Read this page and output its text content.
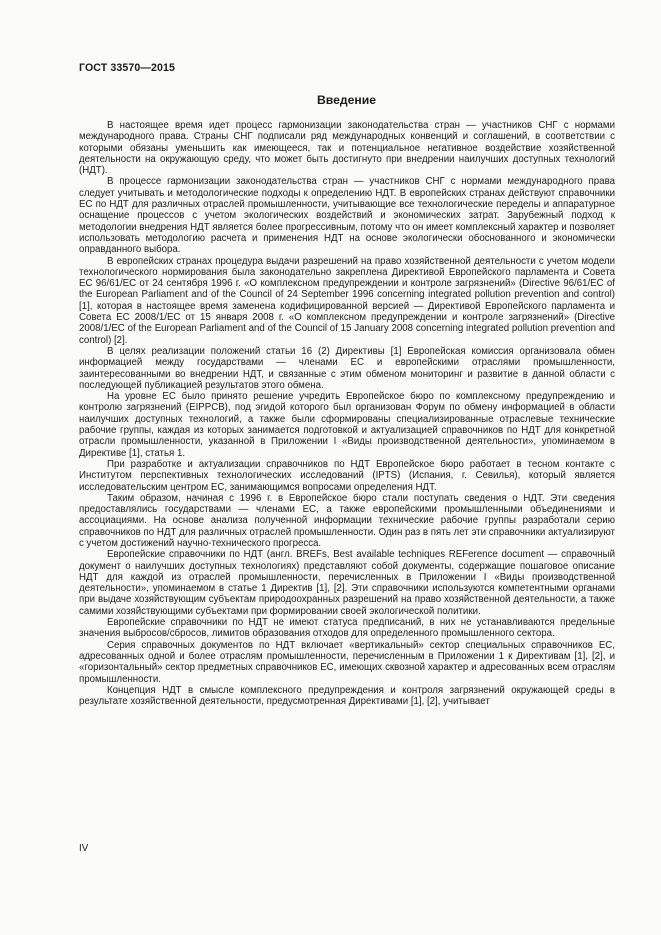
ГОСТ 33570—2015
Введение

В настоящее время идет процесс гармонизации законодательства стран — участников СНГ с нормами международного права. Страны СНГ подписали ряд международных конвенций и соглашений, в соответствии с которыми обязаны уменьшить как имеющееся, так и потенциальное негативное воздействие хозяйственной деятельности на окружающую среду, что может быть достигнуто при внедрении наилучших доступных технологий (НДТ).

В процессе гармонизации законодательства стран — участников СНГ с нормами международного права следует учитывать и методологические подходы к определению НДТ. В европейских странах действуют справочники ЕС по НДТ для различных отраслей промышленности, учитывающие все технологические переделы и аппаратурное оснащение процессов с учетом экологических воздействий и экономических затрат. Зарубежный подход к методологии внедрения НДТ является более прогрессивным, потому что он имеет комплексный характер и позволяет использовать методологию расчета и применения НДТ на основе экологически обоснованного и экономически оправданного выбора.

В европейских странах процедура выдачи разрешений на право хозяйственной деятельности с учетом модели технологического нормирования была законодательно закреплена Директивой Европейского парламента и Совета ЕС 96/61/ЕС от 24 сентября 1996 г. «О комплексном предупреждении и контроле загрязнений» (Directive 96/61/EC of the European Parliament and of the Council of 24 September 1996 concerning integrated pollution prevention and control) [1], которая в настоящее время заменена кодифицированной версией — Директивой Европейского парламента и Совета ЕС 2008/1/ЕС от 15 января 2008 г. «О комплексном предупреждении и контроле загрязнений» (Directive 2008/1/EC of the European Parliament and of the Council of 15 January 2008 concerning integrated pollution prevention and control) [2].

В целях реализации положений статьи 16 (2) Директивы [1] Европейская комиссия организовала обмен информацией между государствами — членами ЕС и европейскими отраслями промышленности, заинтересованными во внедрении НДТ, и связанные с этим обменом мониторинг и развитие в данной области с последующей публикацией результатов этого обмена.

На уровне ЕС было принято решение учредить Европейское бюро по комплексному предупреждению и контролю загрязнений (EIPPCB), под эгидой которого был организован Форум по обмену информацией в области наилучших доступных технологий, а также были сформированы специализированные отраслевые технические рабочие группы, каждая из которых занимается подготовкой и актуализацией справочников по НДТ для конкретной отрасли промышленности, указанной в Приложении I «Виды производственной деятельности», упоминаемом в Директиве [1], статья 1.

При разработке и актуализации справочников по НДТ Европейское бюро работает в тесном контакте с Институтом перспективных технологических исследований (IPTS) (Испания, г. Севилья), который является исследовательским центром ЕС, занимающимся вопросами определения НДТ.

Таким образом, начиная с 1996 г. в Европейское бюро стали поступать сведения о НДТ. Эти сведения предоставлялись государствами — членами ЕС, а также европейскими промышленными объединениями и ассоциациями. На основе анализа полученной информации технические рабочие группы разработали серию справочников по НДТ для различных отраслей промышленности. Один раз в пять лет эти справочники актуализируют с учетом достижений научно-технического прогресса.

Европейские справочники по НДТ (англ. BREFs, Best available techniques REFerence document — справочный документ о наилучших доступных технологиях) представляют собой документы, содержащие пошаговое описание НДТ для каждой из отраслей промышленности, перечисленных в Приложении I «Виды производственной деятельности», упоминаемом в статье 1 Директив [1], [2]. Эти справочники используются компетентными органами при выдаче хозяйствующим субъектам природоохранных разрешений на право хозяйственной деятельности, а также самими хозяйствующими субъектами при формировании своей экологической политики.

Европейские справочники по НДТ не имеют статуса предписаний, в них не устанавливаются предельные значения выбросов/сбросов, лимитов образования отходов для определенного промышленного сектора.

Серия справочных документов по НДТ включает «вертикальный» сектор специальных справочников ЕС, адресованных одной и более отраслям промышленности, перечисленным в Приложении 1 к Директивам [1], [2], и «горизонтальный» сектор предметных справочников ЕС, имеющих сквозной характер и адресованных всем отраслям промышленности.

Концепция НДТ в смысле комплексного предупреждения и контроля загрязнений окружающей среды в результате хозяйственной деятельности, предусмотренная Директивами [1], [2], учитывает

IV
